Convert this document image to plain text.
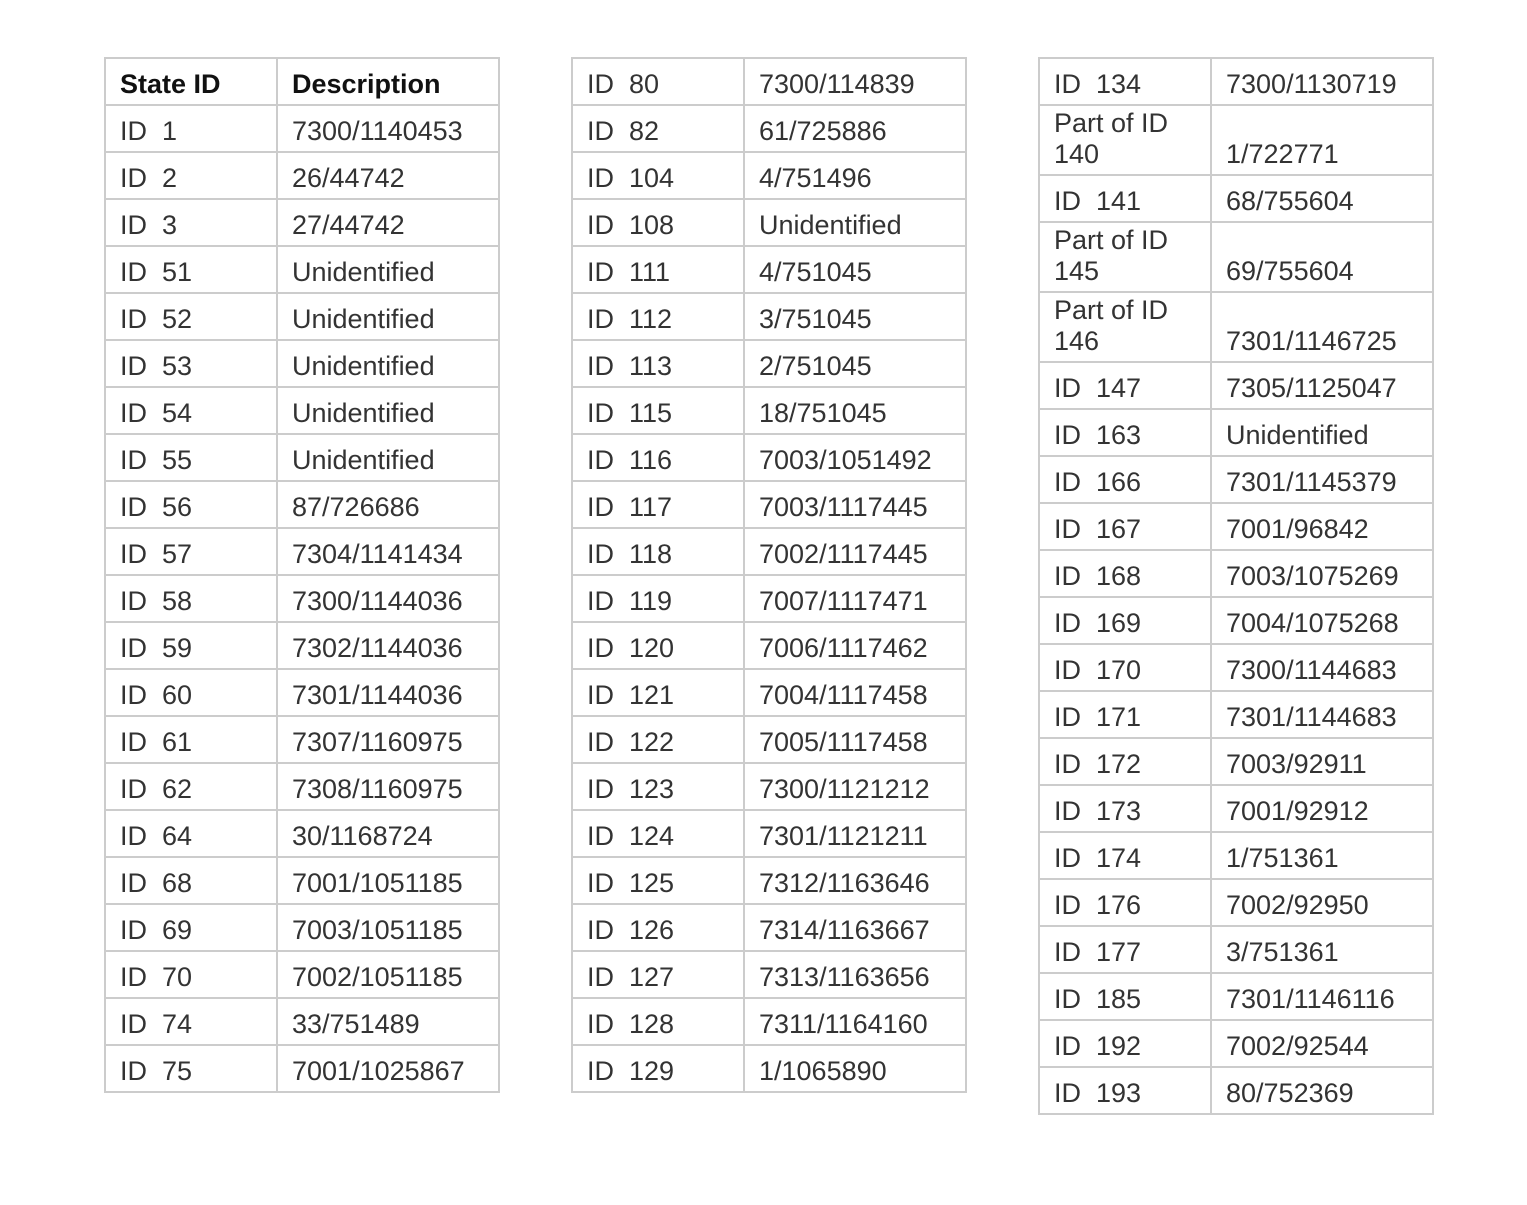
State ID	Description

ID  1	7300/1140453

ID  2	26/44742

ID  3	27/44742

ID  51	Unidentified

ID  52	Unidentified

ID  53	Unidentified

ID  54	Unidentified

ID  55	Unidentified

ID  56	87/726686

ID  57	7304/1141434

ID  58	7300/1144036

ID  59	7302/1144036

ID  60	7301/1144036

ID  61	7307/1160975

ID  62	7308/1160975

ID  64	30/1168724

ID  68	7001/1051185

ID  69	7003/1051185

ID  70	7002/1051185

ID  74	33/751489

ID  75	7001/1025867
ID  80	7300/114839

ID  82	61/725886

ID  104	4/751496

ID  108	Unidentified

ID  111	4/751045

ID  112	3/751045

ID  113	2/751045

ID  115	18/751045

ID  116	7003/1051492

ID  117	7003/1117445

ID  118	7002/1117445

ID  119	7007/1117471

ID  120	7006/1117462

ID  121	7004/1117458

ID  122	7005/1117458

ID  123	7300/1121212

ID  124	7301/1121211

ID  125	7312/1163646

ID  126	7314/1163667

ID  127	7313/1163656

ID  128	7311/1164160

ID  129	1/1065890
ID  134	7300/1130719

Part of ID
140	1/722771

ID  141	68/755604

Part of ID
145	69/755604

Part of ID
146	7301/1146725

ID  147	7305/1125047

ID  163	Unidentified

ID  166	7301/1145379

ID  167	7001/96842

ID  168	7003/1075269

ID  169	7004/1075268

ID  170	7300/1144683

ID  171	7301/1144683

ID  172	7003/92911

ID  173	7001/92912

ID  174	1/751361

ID  176	7002/92950

ID  177	3/751361

ID  185	7301/1146116

ID  192	7002/92544

ID  193	80/752369
